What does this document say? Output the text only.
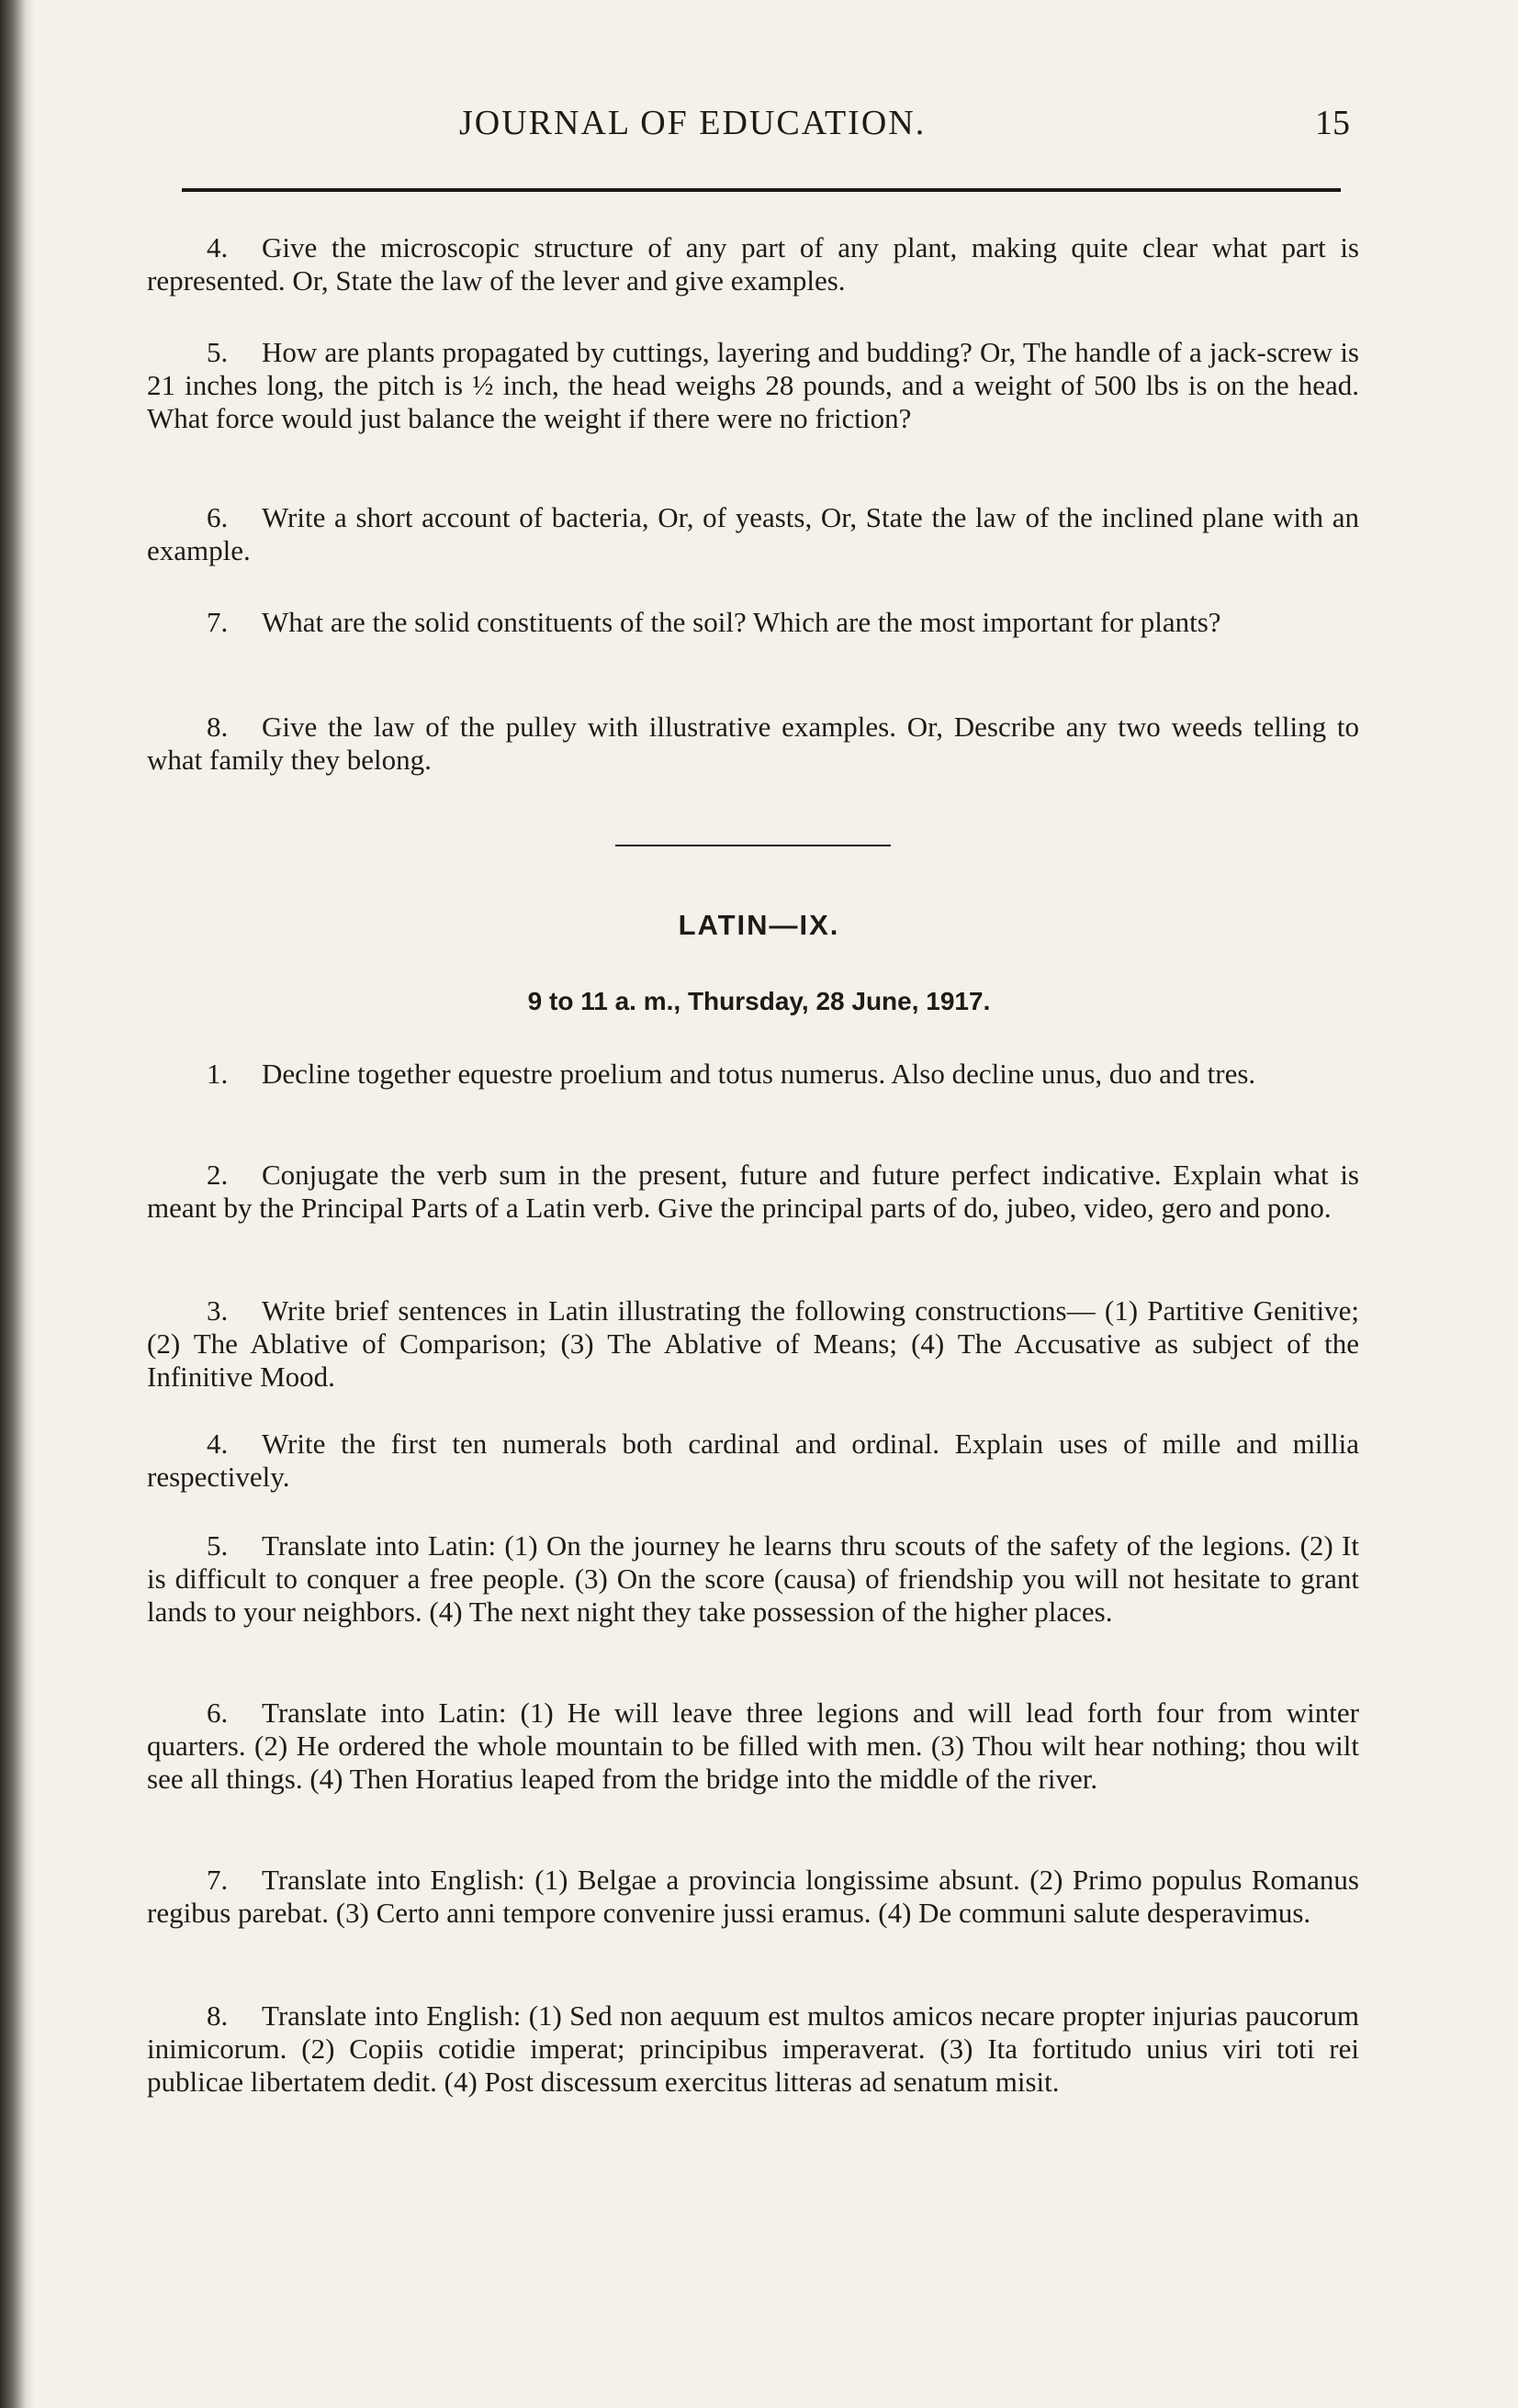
JOURNAL OF EDUCATION.	15

4. Give the microscopic structure of any part of any plant, making quite clear what part is represented. Or, State the law of the lever and give examples.

5. How are plants propagated by cuttings, layering and budding? Or, The handle of a jack-screw is 21 inches long, the pitch is ½ inch, the head weighs 28 pounds, and a weight of 500 lbs is on the head. What force would just balance the weight if there were no friction?

6. Write a short account of bacteria, Or, of yeasts, Or, State the law of the inclined plane with an example.

7. What are the solid constituents of the soil? Which are the most important for plants?

8. Give the law of the pulley with illustrative examples. Or, Describe any two weeds telling to what family they belong.

LATIN—IX.
9 to 11 a. m., Thursday, 28 June, 1917.

1. Decline together equestre proelium and totus numerus. Also decline unus, duo and tres.

2. Conjugate the verb sum in the present, future and future perfect indicative. Explain what is meant by the Principal Parts of a Latin verb. Give the principal parts of do, jubeo, video, gero and pono.

3. Write brief sentences in Latin illustrating the following constructions— (1) Partitive Genitive; (2) The Ablative of Comparison; (3) The Ablative of Means; (4) The Accusative as subject of the Infinitive Mood.

4. Write the first ten numerals both cardinal and ordinal. Explain uses of mille and millia respectively.

5. Translate into Latin: (1) On the journey he learns thru scouts of the safety of the legions. (2) It is difficult to conquer a free people. (3) On the score (causa) of friendship you will not hesitate to grant lands to your neighbors. (4) The next night they take possession of the higher places.

6. Translate into Latin: (1) He will leave three legions and will lead forth four from winter quarters. (2) He ordered the whole mountain to be filled with men. (3) Thou wilt hear nothing; thou wilt see all things. (4) Then Horatius leaped from the bridge into the middle of the river.

7. Translate into English: (1) Belgae a provincia longissime absunt. (2) Primo populus Romanus regibus parebat. (3) Certo anni tempore convenire jussi eramus. (4) De communi salute desperavimus.

8. Translate into English: (1) Sed non aequum est multos amicos necare propter injurias paucorum inimicorum. (2) Copiis cotidie imperat; principibus imperaverat. (3) Ita fortitudo unius viri toti rei publicae libertatem dedit. (4) Post discessum exercitus litteras ad senatum misit.
